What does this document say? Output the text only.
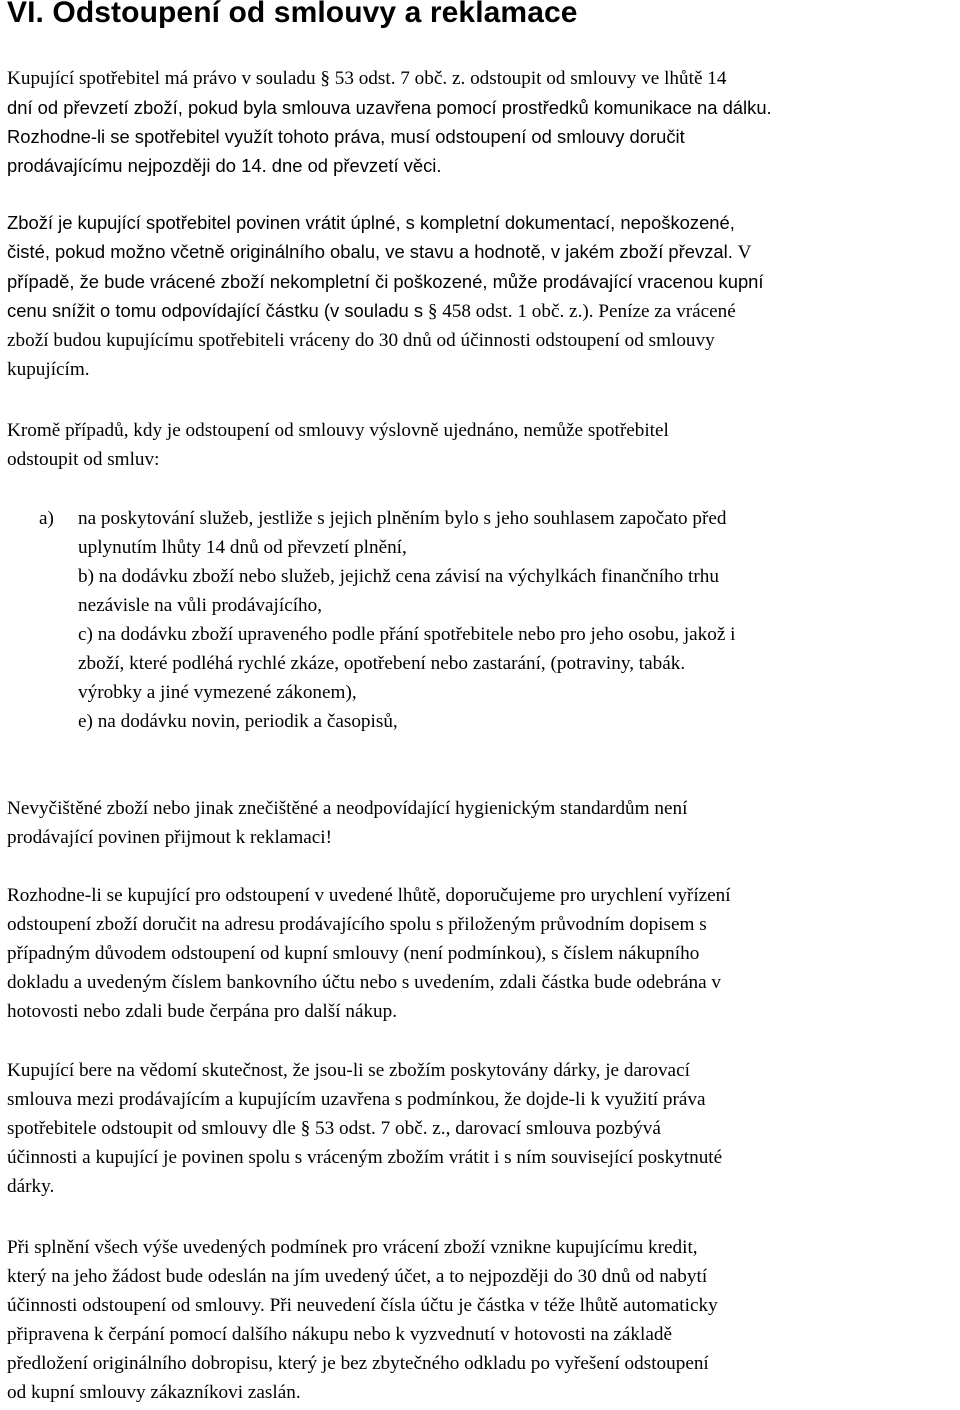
VI. Odstoupení od smlouvy a reklamace
Kupující spotřebitel má právo v souladu § 53 odst. 7 obč. z. odstoupit od smlouvy ve lhůtě 14
dní od převzetí zboží, pokud byla smlouva uzavřena pomocí prostředků komunikace na dálku.
Rozhodne-li se spotřebitel využít tohoto práva, musí odstoupení od smlouvy doručit
prodávajícímu nejpozději do 14. dne od převzetí věci.
Zboží je kupující spotřebitel povinen vrátit úplné, s kompletní dokumentací, nepoškozené,
čisté, pokud možno včetně originálního obalu, ve stavu a hodnotě, v jakém zboží převzal. V
případě, že bude vrácené zboží nekompletní či poškozené, může prodávající vracenou kupní
cenu snížit o tomu odpovídající částku (v souladu s § 458 odst. 1 obč. z.). Peníze za vrácené
zboží budou kupujícímu spotřebiteli vráceny do 30 dnů od účinnosti odstoupení od smlouvy
kupujícím.
Kromě případů, kdy je odstoupení od smlouvy výslovně ujednáno, nemůže spotřebitel
odstoupit od smluv:
a) na poskytování služeb, jestliže s jejich plněním bylo s jeho souhlasem započato před
uplynutím lhůty 14 dnů od převzetí plnění,
b) na dodávku zboží nebo služeb, jejichž cena závisí na výchylkách finančního trhu
nezávisle na vůli prodávajícího,
c) na dodávku zboží upraveného podle přání spotřebitele nebo pro jeho osobu, jakož i
zboží, které podléhá rychlé zkáze, opotřebení nebo zastarání, (potraviny, tabák.
výrobky a jiné vymezené zákonem),
e) na dodávku novin, periodik a časopisů,
Nevyčištěné zboží nebo jinak znečištěné a neodpovídající hygienickým standardům není
prodávající povinen přijmout k reklamaci!
Rozhodne-li se kupující pro odstoupení v uvedené lhůtě, doporučujeme pro urychlení vyřízení
odstoupení zboží doručit na adresu prodávajícího spolu s přiloženým průvodním dopisem s
případným důvodem odstoupení od kupní smlouvy (není podmínkou), s číslem nákupního
dokladu a uvedeným číslem bankovního účtu nebo s uvedením, zdali částka bude odebrána v
hotovosti nebo zdali bude čerpána pro další nákup.
Kupující bere na vědomí skutečnost, že jsou-li se zbožím poskytovány dárky, je darovací
smlouva mezi prodávajícím a kupujícím uzavřena s podmínkou, že dojde-li k využití práva
spotřebitele odstoupit od smlouvy dle § 53 odst. 7 obč. z., darovací smlouva pozbývá
účinnosti a kupující je povinen spolu s vráceným zbožím vrátit i s ním související poskytnuté
dárky.
Při splnění všech výše uvedených podmínek pro vrácení zboží vznikne kupujícímu kredit,
který na jeho žádost bude odeslán na jím uvedený účet, a to nejpozději do 30 dnů od nabytí
účinnosti odstoupení od smlouvy. Při neuvedení čísla účtu je částka v téže lhůtě automaticky
připravena k čerpání pomocí dalšího nákupu nebo k vyzvednutí v hotovosti na základě
předložení originálního dobropisu, který je bez zbytečného odkladu po vyřešení odstoupení
od kupní smlouvy zákazníkovi zaslán.
